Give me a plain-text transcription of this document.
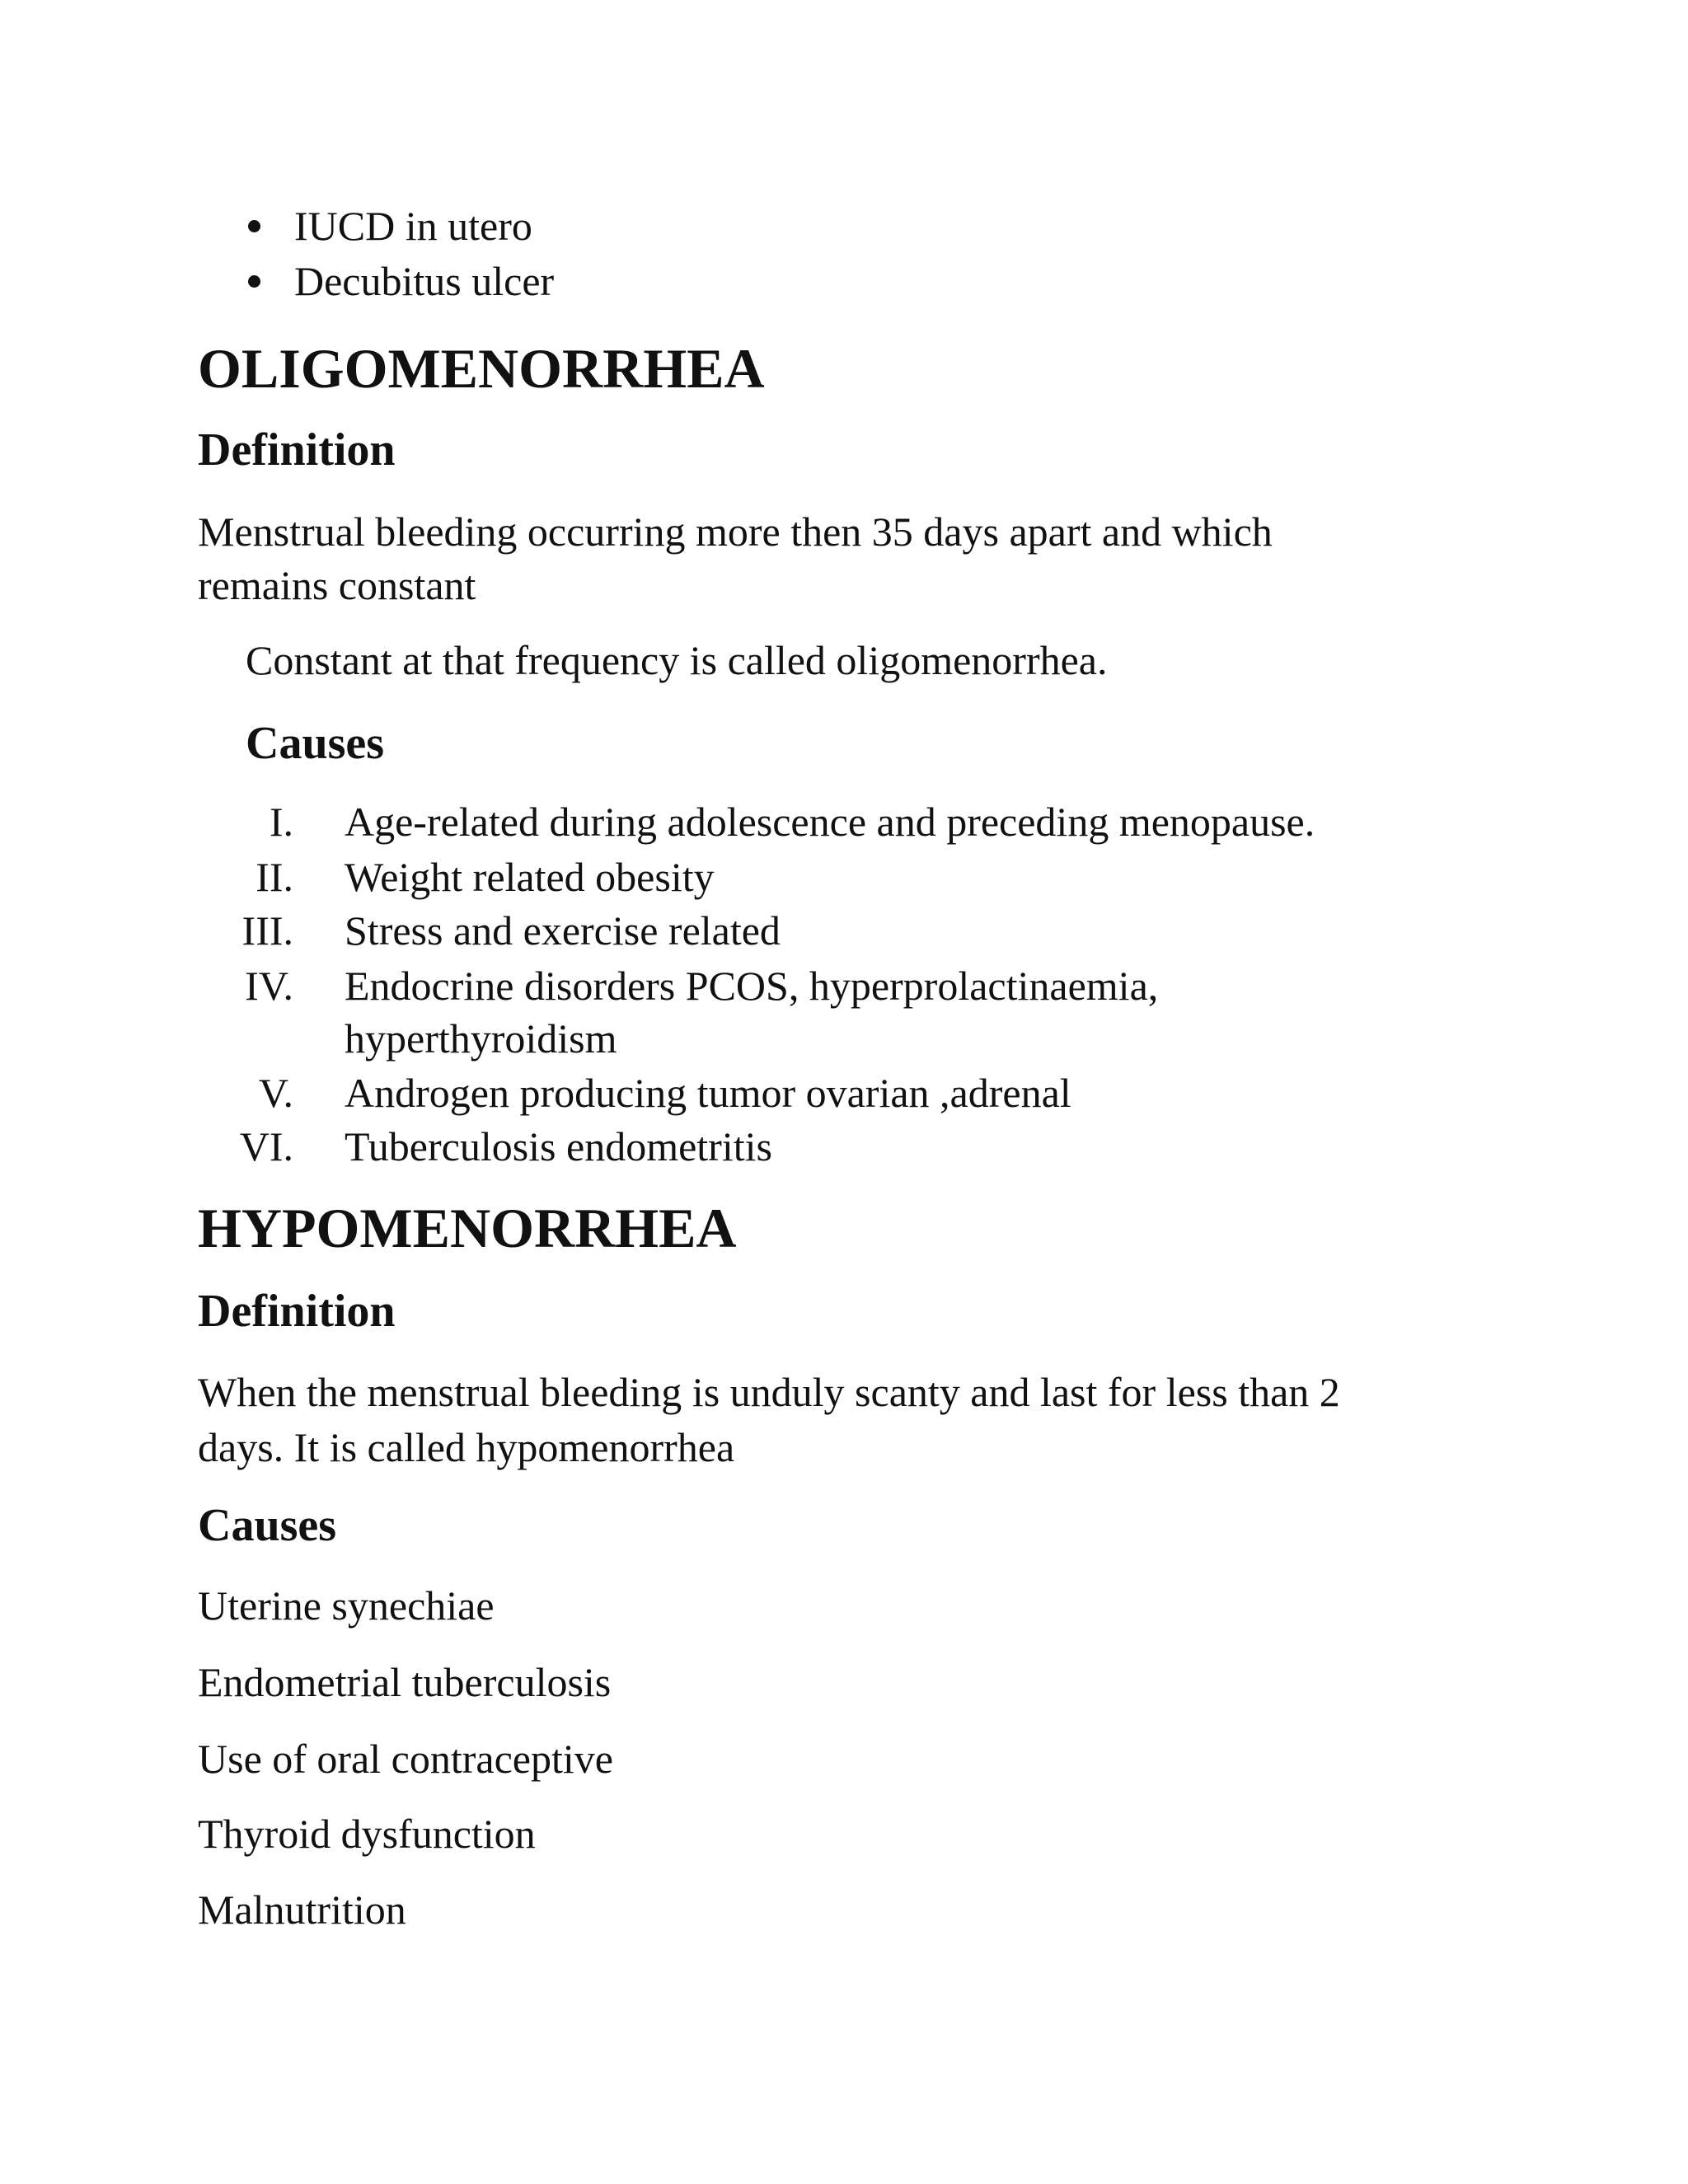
IUCD in utero
Decubitus ulcer
OLIGOMENORRHEA
Definition
Menstrual bleeding occurring more then 35 days apart and which
remains constant
Constant at that frequency is called oligomenorrhea.
Causes
I. Age-related during adolescence and preceding menopause.
II. Weight related obesity
III. Stress and exercise related
IV. Endocrine disorders PCOS, hyperprolactinaemia,
hyperthyroidism
V. Androgen producing tumor ovarian ,adrenal
VI. Tuberculosis endometritis
HYPOMENORRHEA
Definition
When the menstrual bleeding is unduly scanty and last for less than 2
days. It is called hypomenorrhea
Causes
Uterine synechiae
Endometrial tuberculosis
Use of oral contraceptive
Thyroid dysfunction
Malnutrition
